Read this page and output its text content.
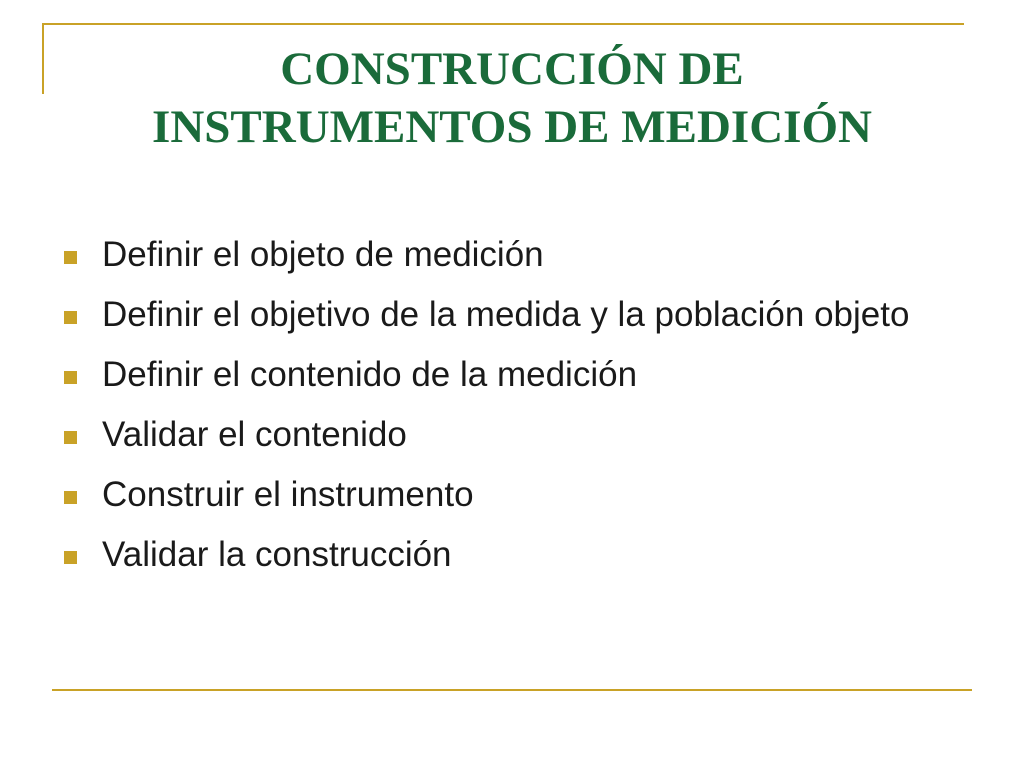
CONSTRUCCIÓN DE
INSTRUMENTOS DE MEDICIÓN
Definir el objeto de medición
Definir el objetivo de la medida y la población objeto
Definir el contenido de la medición
Validar el contenido
Construir el instrumento
Validar la construcción
